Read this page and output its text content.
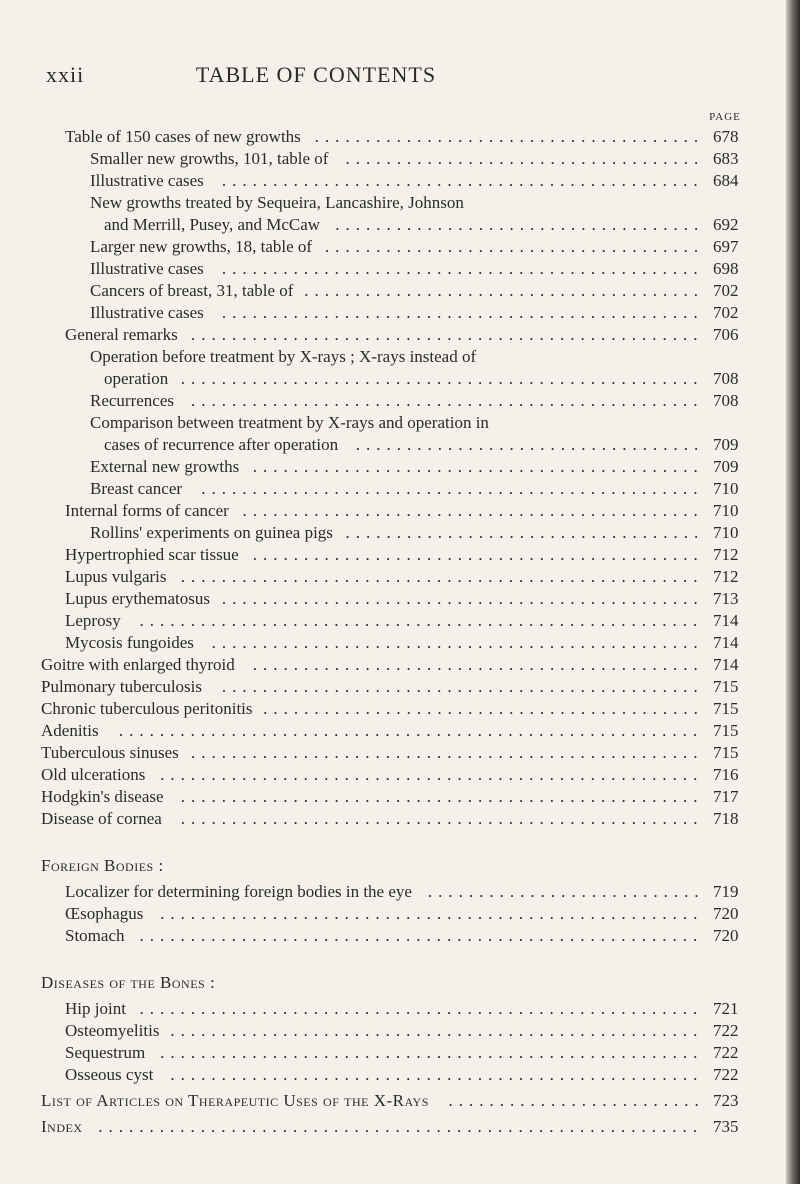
xxii	TABLE OF CONTENTS
PAGE
Table of 150 cases of new growths	678
......................................
Smaller new growths, 101, table of	683
...................................
Illustrative cases	684
...............................................
New growths treated by Sequeira, Lancashire, Johnson
and Merrill, Pusey, and McCaw	692
....................................
Larger new growths, 18, table of	697
.....................................
Illustrative cases	698
...............................................
Cancers of breast, 31, table of	702
.......................................
Illustrative cases	702
...............................................
General remarks	706
..................................................
Operation before treatment by X-rays ; X-rays instead of
operation	708
...................................................
Recurrences	708
..................................................
Comparison between treatment by X-rays and operation in
cases of recurrence after operation	709
..................................
External new growths	709
............................................
Breast cancer	710
.................................................
Internal forms of cancer	710
.............................................
Rollins' experiments on guinea pigs	710
...................................
Hypertrophied scar tissue	712
............................................
Lupus vulgaris	712
...................................................
Lupus erythematosus	713
...............................................
Leprosy	714
.......................................................
Mycosis fungoides	714
................................................
Goitre with enlarged thyroid	714
............................................
Pulmonary tuberculosis	715
...............................................
Chronic tuberculous peritonitis	715
...........................................
Adenitis	715
.........................................................
Tuberculous sinuses	715
..................................................
Old ulcerations	716
.....................................................
Hodgkin's disease	717
...................................................
Disease of cornea	718
...................................................
Foreign Bodies :
Localizer for determining foreign bodies in the eye	719
...........................
Œsophagus	720
.....................................................
Stomach	720
.......................................................
Diseases of the Bones :
Hip joint	721
.......................................................
Osteomyelitis	722
....................................................
Sequestrum	722
.....................................................
Osseous cyst	722
....................................................
List of Articles on Therapeutic Uses of the X-Rays	723
.........................
Index	735
...........................................................
